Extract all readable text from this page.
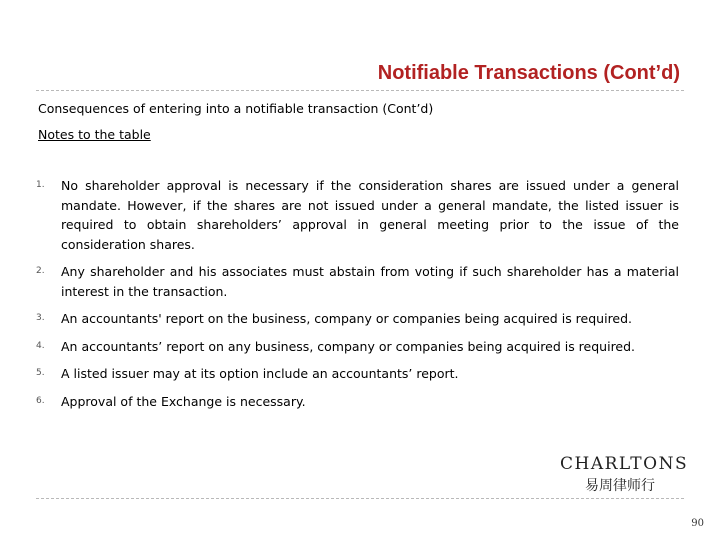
Notifiable Transactions (Cont’d)
Consequences of entering into a notifiable transaction (Cont’d)
Notes to the table
1.	No shareholder approval is necessary if the consideration shares are issued under a general mandate. However, if the shares are not issued under a general mandate, the listed issuer is required to obtain shareholders’ approval in general meeting prior to the issue of the consideration shares.
2.	Any shareholder and his associates must abstain from voting if such shareholder has a material interest in the transaction.
3.	An accountants' report on the business, company or companies being acquired is required.
4.	An accountants’ report on any business, company or companies being acquired is required.
5.	A listed issuer may at its option include an accountants’ report.
6.	Approval of the Exchange is necessary.
CHARLTONS
易周律师行
90
